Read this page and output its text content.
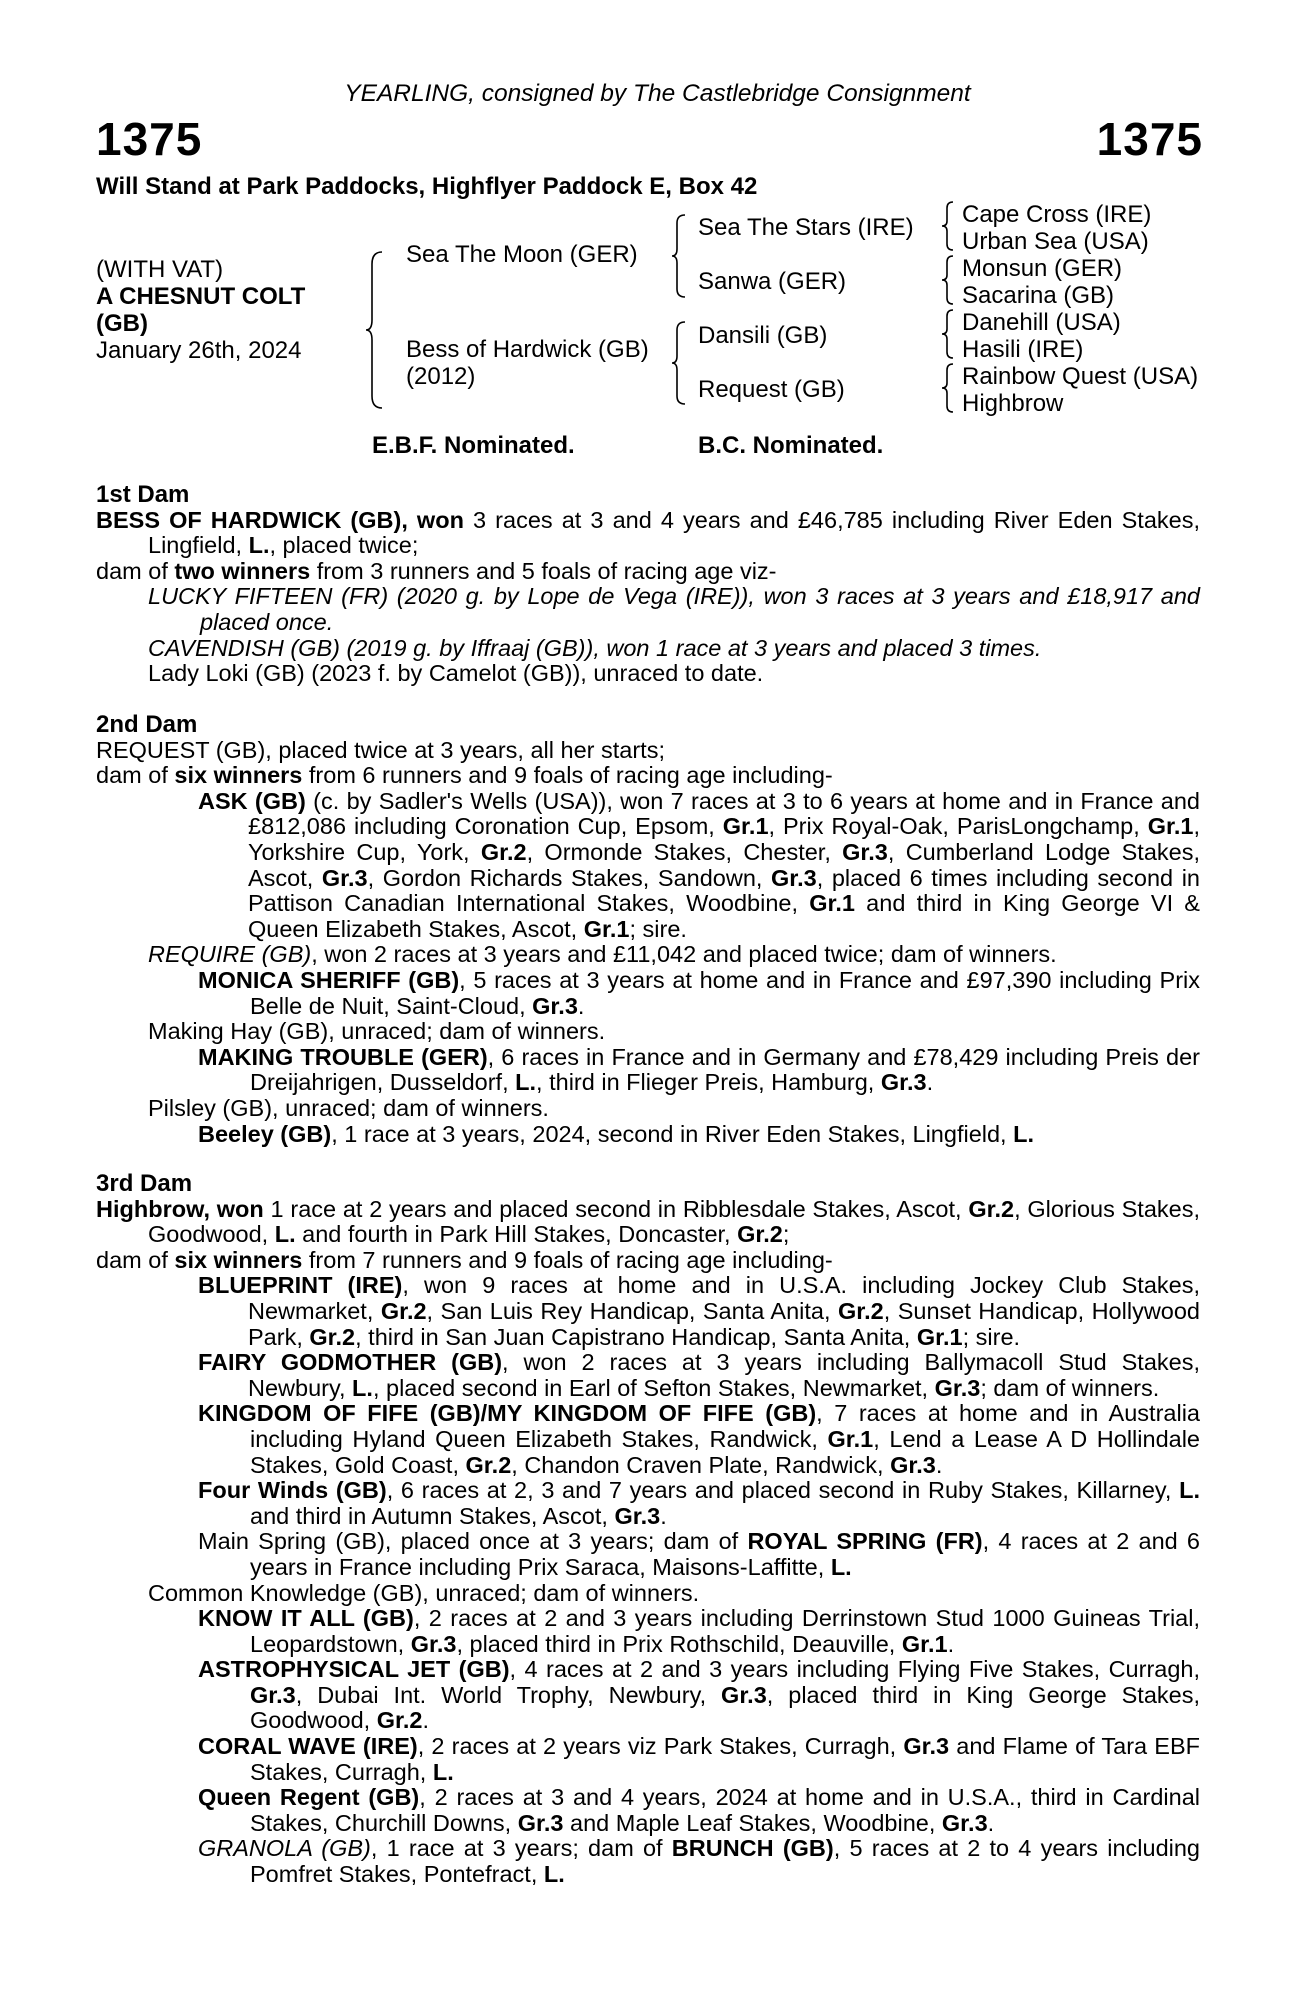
YEARLING, consigned by The Castlebridge Consignment
1375	1375
Will Stand at Park Paddocks, Highflyer Paddock E, Box 42
(WITH VAT)
A CHESNUT COLT
(GB)
January 26th, 2024
Sea The Moon (GER)
Bess of Hardwick (GB)
(2012)
Sea The Stars (IRE)
Sanwa (GER)
Dansili (GB)
Request (GB)
Cape Cross (IRE)
Urban Sea (USA)
Monsun (GER)
Sacarina (GB)
Danehill (USA)
Hasili (IRE)
Rainbow Quest (USA)
Highbrow
E.B.F. Nominated.	B.C. Nominated.
1st Dam
BESS OF HARDWICK (GB), won 3 races at 3 and 4 years and £46,785 including River Eden Stakes, Lingfield, L., placed twice;
dam of two winners from 3 runners and 5 foals of racing age viz-
LUCKY FIFTEEN (FR) (2020 g. by Lope de Vega (IRE)), won 3 races at 3 years and £18,917 and placed once.
CAVENDISH (GB) (2019 g. by Iffraaj (GB)), won 1 race at 3 years and placed 3 times.
Lady Loki (GB) (2023 f. by Camelot (GB)), unraced to date.
2nd Dam
REQUEST (GB), placed twice at 3 years, all her starts;
dam of six winners from 6 runners and 9 foals of racing age including-
ASK (GB) (c. by Sadler's Wells (USA)), won 7 races at 3 to 6 years at home and in France and £812,086 including Coronation Cup, Epsom, Gr.1, Prix Royal-Oak, ParisLongchamp, Gr.1, Yorkshire Cup, York, Gr.2, Ormonde Stakes, Chester, Gr.3, Cumberland Lodge Stakes, Ascot, Gr.3, Gordon Richards Stakes, Sandown, Gr.3, placed 6 times including second in Pattison Canadian International Stakes, Woodbine, Gr.1 and third in King George VI & Queen Elizabeth Stakes, Ascot, Gr.1; sire.
REQUIRE (GB), won 2 races at 3 years and £11,042 and placed twice; dam of winners.
MONICA SHERIFF (GB), 5 races at 3 years at home and in France and £97,390 including Prix Belle de Nuit, Saint-Cloud, Gr.3.
Making Hay (GB), unraced; dam of winners.
MAKING TROUBLE (GER), 6 races in France and in Germany and £78,429 including Preis der Dreijahrigen, Dusseldorf, L., third in Flieger Preis, Hamburg, Gr.3.
Pilsley (GB), unraced; dam of winners.
Beeley (GB), 1 race at 3 years, 2024, second in River Eden Stakes, Lingfield, L.
3rd Dam
Highbrow, won 1 race at 2 years and placed second in Ribblesdale Stakes, Ascot, Gr.2, Glorious Stakes, Goodwood, L. and fourth in Park Hill Stakes, Doncaster, Gr.2;
dam of six winners from 7 runners and 9 foals of racing age including-
BLUEPRINT (IRE), won 9 races at home and in U.S.A. including Jockey Club Stakes, Newmarket, Gr.2, San Luis Rey Handicap, Santa Anita, Gr.2, Sunset Handicap, Hollywood Park, Gr.2, third in San Juan Capistrano Handicap, Santa Anita, Gr.1; sire.
FAIRY GODMOTHER (GB), won 2 races at 3 years including Ballymacoll Stud Stakes, Newbury, L., placed second in Earl of Sefton Stakes, Newmarket, Gr.3; dam of winners.
KINGDOM OF FIFE (GB)/MY KINGDOM OF FIFE (GB), 7 races at home and in Australia including Hyland Queen Elizabeth Stakes, Randwick, Gr.1, Lend a Lease A D Hollindale Stakes, Gold Coast, Gr.2, Chandon Craven Plate, Randwick, Gr.3.
Four Winds (GB), 6 races at 2, 3 and 7 years and placed second in Ruby Stakes, Killarney, L. and third in Autumn Stakes, Ascot, Gr.3.
Main Spring (GB), placed once at 3 years; dam of ROYAL SPRING (FR), 4 races at 2 and 6 years in France including Prix Saraca, Maisons-Laffitte, L.
Common Knowledge (GB), unraced; dam of winners.
KNOW IT ALL (GB), 2 races at 2 and 3 years including Derrinstown Stud 1000 Guineas Trial, Leopardstown, Gr.3, placed third in Prix Rothschild, Deauville, Gr.1.
ASTROPHYSICAL JET (GB), 4 races at 2 and 3 years including Flying Five Stakes, Curragh, Gr.3, Dubai Int. World Trophy, Newbury, Gr.3, placed third in King George Stakes, Goodwood, Gr.2.
CORAL WAVE (IRE), 2 races at 2 years viz Park Stakes, Curragh, Gr.3 and Flame of Tara EBF Stakes, Curragh, L.
Queen Regent (GB), 2 races at 3 and 4 years, 2024 at home and in U.S.A., third in Cardinal Stakes, Churchill Downs, Gr.3 and Maple Leaf Stakes, Woodbine, Gr.3.
GRANOLA (GB), 1 race at 3 years; dam of BRUNCH (GB), 5 races at 2 to 4 years including Pomfret Stakes, Pontefract, L.
